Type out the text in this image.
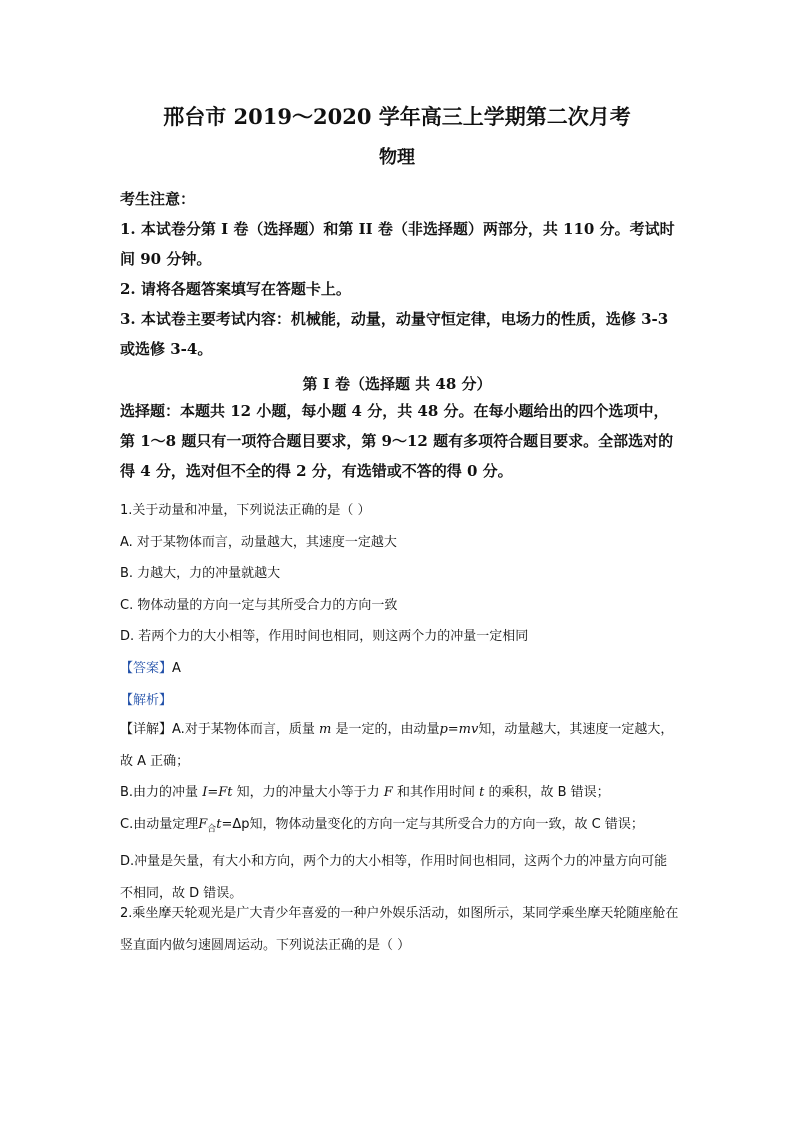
邢台市 2019～2020 学年高三上学期第二次月考
物理

考生注意：

1. 本试卷分第 I 卷（选择题）和第 II 卷（非选择题）两部分，共 110 分。考试时间 90 分钟。

2. 请将各题答案填写在答题卡上。

3. 本试卷主要考试内容：机械能，动量，动量守恒定律，电场力的性质，选修 3-3 或选修 3-4。

第 I 卷（选择题 共 48 分）

选择题：本题共 12 小题，每小题 4 分，共 48 分。在每小题给出的四个选项中，第 1～8 题只有一项符合题目要求，第 9～12 题有多项符合题目要求。全部选对的得 4 分，选对但不全的得 2 分，有选错或不答的得 0 分。

1.关于动量和冲量，下列说法正确的是（ ）

A. 对于某物体而言，动量越大，其速度一定越大

B. 力越大，力的冲量就越大

C. 物体动量的方向一定与其所受合力的方向一致

D. 若两个力的大小相等，作用时间也相同，则这两个力的冲量一定相同

【答案】A

【解析】

【详解】A.对于某物体而言，质量 m 是一定的，由动量p=mv知，动量越大，其速度一定越大，故 A 正确；

B.由力的冲量 I=Ft 知，力的冲量大小等于力 F 和其作用时间 t 的乘积，故 B 错误；

C.由动量定理$F_合t=\Delta p$知，物体动量变化的方向一定与其所受合力的方向一致，故 C 错误；

D.冲量是矢量，有大小和方向，两个力的大小相等，作用时间也相同，这两个力的冲量方向可能不相同，故 D 错误。

2.乘坐摩天轮观光是广大青少年喜爱的一种户外娱乐活动，如图所示，某同学乘坐摩天轮随座舱在竖直面内做匀速圆周运动。下列说法正确的是（ ）
